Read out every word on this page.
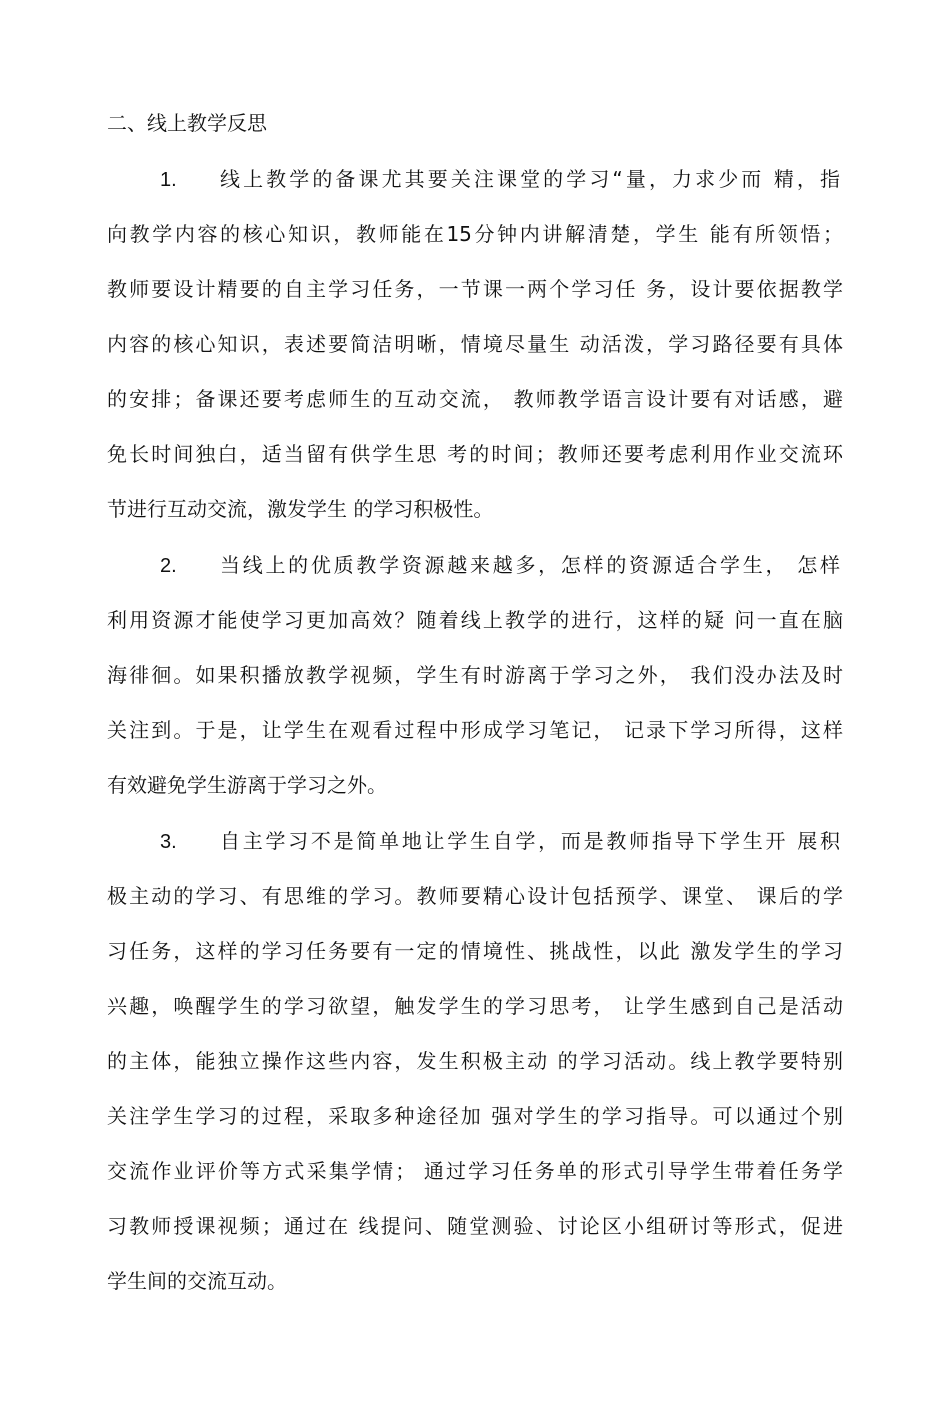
二、线上教学反思
1. 线上教学的备课尤其要关注课堂的学习“量，力求少而 精，指
向教学内容的核心知识，教师能在15分钟内讲解清楚，学生 能有所领悟；
教师要设计精要的自主学习任务，一节课一两个学习任 务，设计要依据教学
内容的核心知识，表述要简洁明晰，情境尽量生 动活泼，学习路径要有具体
的安排；备课还要考虑师生的互动交流， 教师教学语言设计要有对话感，避
免长时间独白，适当留有供学生思 考的时间；教师还要考虑利用作业交流环
节进行互动交流，激发学生 的学习积极性。
2. 当线上的优质教学资源越来越多，怎样的资源适合学生， 怎样
利用资源才能使学习更加高效？随着线上教学的进行，这样的疑 问一直在脑
海徘徊。如果积播放教学视频，学生有时游离于学习之外， 我们没办法及时
关注到。于是，让学生在观看过程中形成学习笔记， 记录下学习所得，这样
有效避免学生游离于学习之外。
3. 自主学习不是简单地让学生自学，而是教师指导下学生开 展积
极主动的学习、有思维的学习。教师要精心设计包括预学、课堂、 课后的学
习任务，这样的学习任务要有一定的情境性、挑战性，以此 激发学生的学习
兴趣，唤醒学生的学习欲望，触发学生的学习思考， 让学生感到自己是活动
的主体，能独立操作这些内容，发生积极主动 的学习活动。线上教学要特别
关注学生学习的过程，采取多种途径加 强对学生的学习指导。可以通过个别
交流作业评价等方式采集学情； 通过学习任务单的形式引导学生带着任务学
习教师授课视频；通过在 线提问、随堂测验、讨论区小组研讨等形式，促进
学生间的交流互动。
